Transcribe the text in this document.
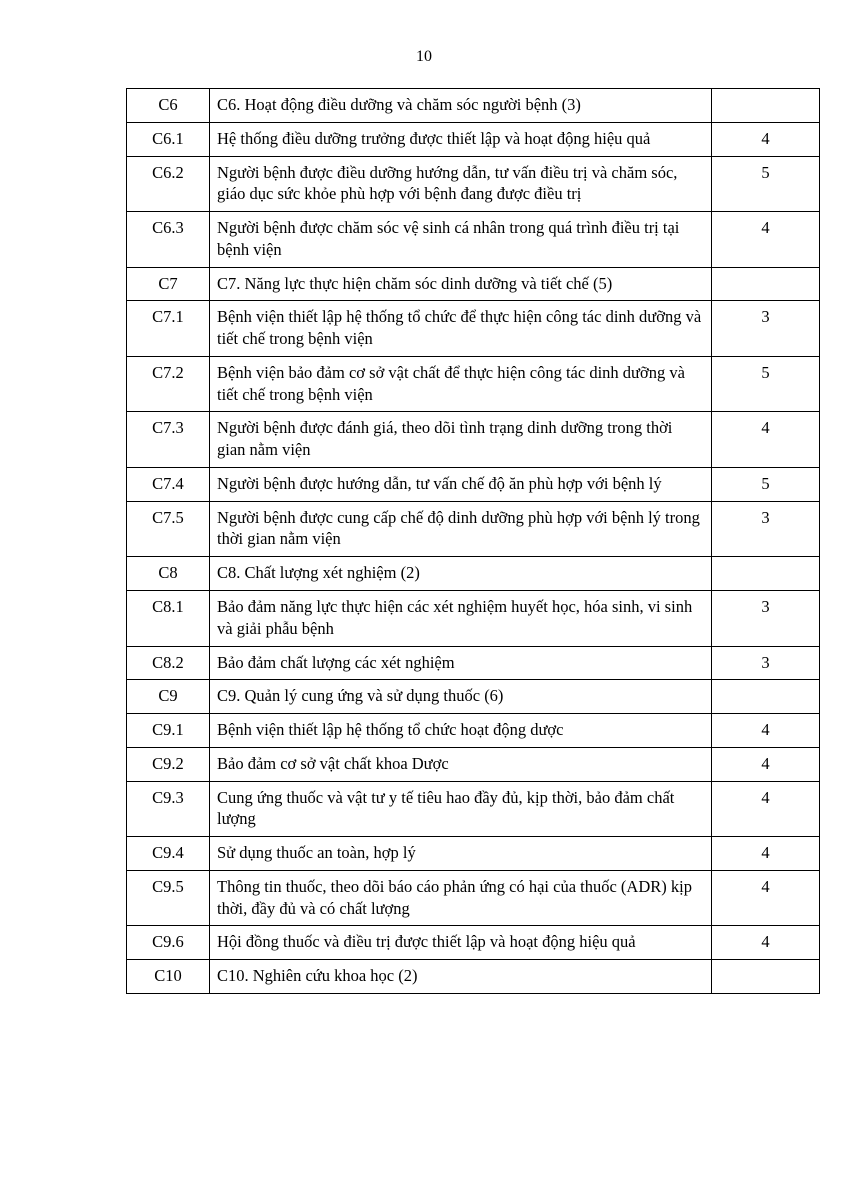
10
C6	C6. Hoạt động điều dưỡng và chăm sóc người bệnh (3)	
C6.1	Hệ thống điều dưỡng trưởng được thiết lập và hoạt động hiệu quả	4
C6.2	Người bệnh được điều dưỡng hướng dẫn, tư vấn điều trị và chăm sóc, giáo dục sức khỏe phù hợp với bệnh đang được điều trị	5
C6.3	Người bệnh được chăm sóc vệ sinh cá nhân trong quá trình điều trị tại bệnh viện	4
C7	C7. Năng lực thực hiện chăm sóc dinh dưỡng và tiết chế (5)	
C7.1	Bệnh viện thiết lập hệ thống tổ chức để thực hiện công tác dinh dưỡng và tiết chế trong bệnh viện	3
C7.2	Bệnh viện bảo đảm cơ sở vật chất để thực hiện công tác dinh dưỡng và tiết chế trong bệnh viện	5
C7.3	Người bệnh được đánh giá, theo dõi tình trạng dinh dưỡng trong thời gian nằm viện	4
C7.4	Người bệnh được hướng dẫn, tư vấn chế độ ăn phù hợp với bệnh lý	5
C7.5	Người bệnh được cung cấp chế độ dinh dưỡng phù hợp với bệnh lý trong thời gian nằm viện	3
C8	C8. Chất lượng xét nghiệm (2)	
C8.1	Bảo đảm năng lực thực hiện các xét nghiệm huyết học, hóa sinh, vi sinh và giải phẫu bệnh	3
C8.2	Bảo đảm chất lượng các xét nghiệm	3
C9	C9. Quản lý cung ứng và sử dụng thuốc (6)	
C9.1	Bệnh viện thiết lập hệ thống tổ chức hoạt động dược	4
C9.2	Bảo đảm cơ sở vật chất khoa Dược	4
C9.3	Cung ứng thuốc và vật tư y tế tiêu hao đầy đủ, kịp thời, bảo đảm chất lượng	4
C9.4	Sử dụng thuốc an toàn, hợp lý	4
C9.5	Thông tin thuốc, theo dõi báo cáo phản ứng có hại của thuốc (ADR) kịp thời, đầy đủ và có chất lượng	4
C9.6	Hội đồng thuốc và điều trị được thiết lập và hoạt động hiệu quả	4
C10	C10. Nghiên cứu khoa học (2)	
